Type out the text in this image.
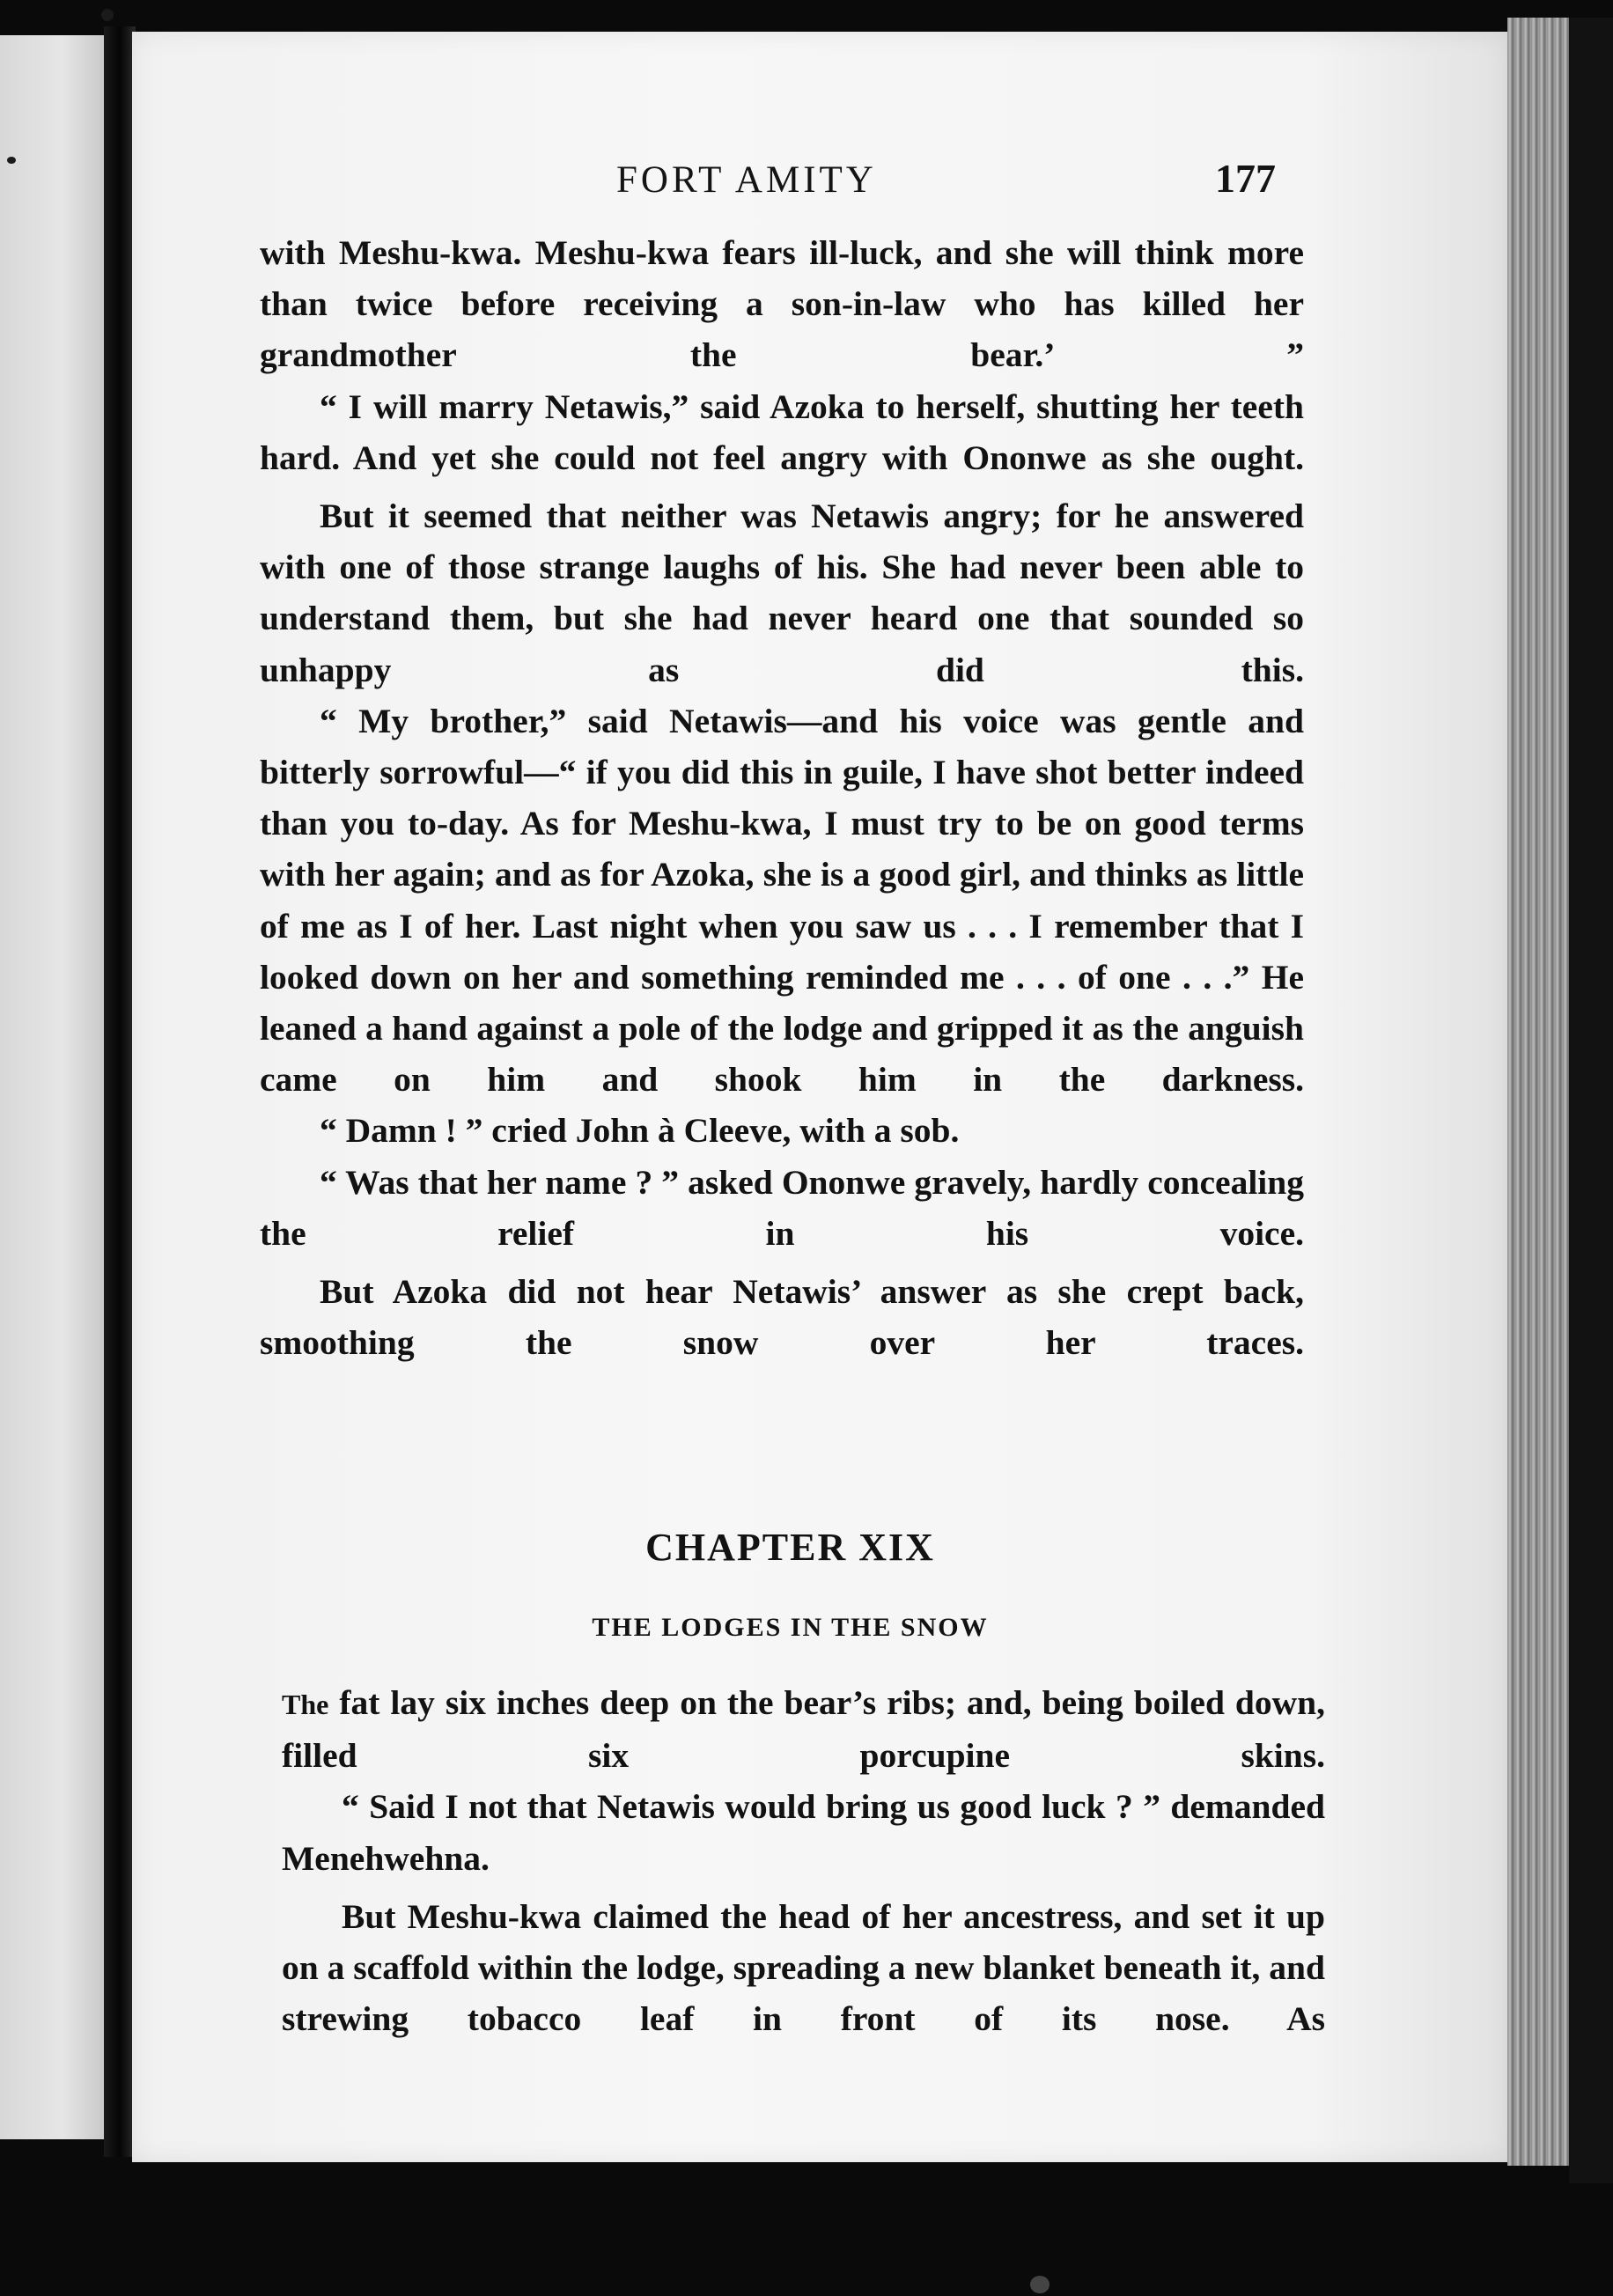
FORT AMITY	177

with Meshu-kwa. Meshu-kwa fears ill-luck, and she will think more than twice before receiving a son-in-law who has killed her grandmother the bear.’ ”

“ I will marry Netawis,” said Azoka to herself, shutting her teeth hard. And yet she could not feel angry with Ononwe as she ought.

But it seemed that neither was Netawis angry; for he answered with one of those strange laughs of his. She had never been able to understand them, but she had never heard one that sounded so unhappy as did this.

“ My brother,” said Netawis—and his voice was gentle and bitterly sorrowful—“ if you did this in guile, I have shot better indeed than you to-day. As for Meshu-kwa, I must try to be on good terms with her again; and as for Azoka, she is a good girl, and thinks as little of me as I of her. Last night when you saw us . . . I remember that I looked down on her and something reminded me . . . of one . . .” He leaned a hand against a pole of the lodge and gripped it as the anguish came on him and shook him in the darkness.

“ Damn ! ” cried John à Cleeve, with a sob.

“ Was that her name ? ” asked Ononwe gravely, hardly concealing the relief in his voice.

But Azoka did not hear Netawis’ answer as she crept back, smoothing the snow over her traces.

CHAPTER XIX
THE LODGES IN THE SNOW

The fat lay six inches deep on the bear’s ribs; and, being boiled down, filled six porcupine skins.

“ Said I not that Netawis would bring us good luck ? ” demanded Menehwehna.

But Meshu-kwa claimed the head of her ancestress, and set it up on a scaffold within the lodge, spreading a new blanket beneath it, and strewing tobacco leaf in front of its nose. As
